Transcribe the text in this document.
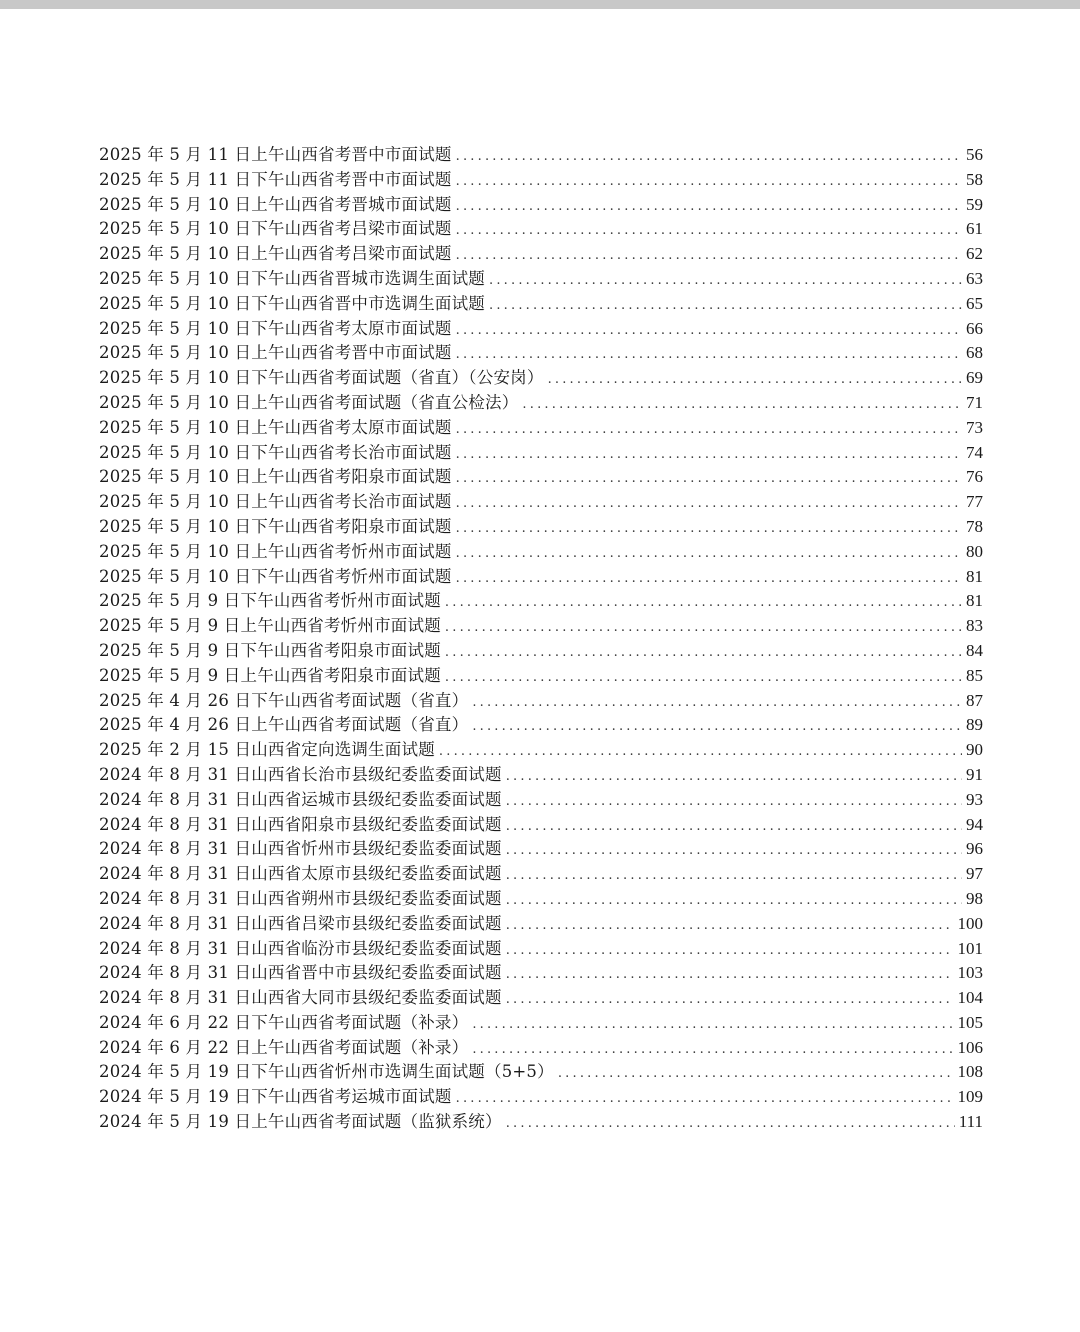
2025 年 5 月 11 日上午山西省考晋中市面试题 .....	56
2025 年 5 月 11 日下午山西省考晋中市面试题 .....	58
2025 年 5 月 10 日上午山西省考晋城市面试题 .....	59
2025 年 5 月 10 日下午山西省考吕梁市面试题 .....	61
2025 年 5 月 10 日上午山西省考吕梁市面试题 .....	62
2025 年 5 月 10 日下午山西省晋城市选调生面试题 .....	63
2025 年 5 月 10 日下午山西省晋中市选调生面试题 .....	65
2025 年 5 月 10 日下午山西省考太原市面试题 .....	66
2025 年 5 月 10 日上午山西省考晋中市面试题 .....	68
2025 年 5 月 10 日下午山西省考面试题（省直）（公安岗） .....	69
2025 年 5 月 10 日上午山西省考面试题（省直公检法） .....	71
2025 年 5 月 10 日上午山西省考太原市面试题 .....	73
2025 年 5 月 10 日下午山西省考长治市面试题 .....	74
2025 年 5 月 10 日上午山西省考阳泉市面试题 .....	76
2025 年 5 月 10 日上午山西省考长治市面试题 .....	77
2025 年 5 月 10 日下午山西省考阳泉市面试题 .....	78
2025 年 5 月 10 日上午山西省考忻州市面试题 .....	80
2025 年 5 月 10 日下午山西省考忻州市面试题 .....	81
2025 年 5 月 9 日下午山西省考忻州市面试题 .....	81
2025 年 5 月 9 日上午山西省考忻州市面试题 .....	83
2025 年 5 月 9 日下午山西省考阳泉市面试题 .....	84
2025 年 5 月 9 日上午山西省考阳泉市面试题 .....	85
2025 年 4 月 26 日下午山西省考面试题（省直） .....	87
2025 年 4 月 26 日上午山西省考面试题（省直） .....	89
2025 年 2 月 15 日山西省定向选调生面试题 .....	90
2024 年 8 月 31 日山西省长治市县级纪委监委面试题 .....	91
2024 年 8 月 31 日山西省运城市县级纪委监委面试题 .....	93
2024 年 8 月 31 日山西省阳泉市县级纪委监委面试题 .....	94
2024 年 8 月 31 日山西省忻州市县级纪委监委面试题 .....	96
2024 年 8 月 31 日山西省太原市县级纪委监委面试题 .....	97
2024 年 8 月 31 日山西省朔州市县级纪委监委面试题 .....	98
2024 年 8 月 31 日山西省吕梁市县级纪委监委面试题 .....	100
2024 年 8 月 31 日山西省临汾市县级纪委监委面试题 .....	101
2024 年 8 月 31 日山西省晋中市县级纪委监委面试题 .....	103
2024 年 8 月 31 日山西省大同市县级纪委监委面试题 .....	104
2024 年 6 月 22 日下午山西省考面试题（补录） .....	105
2024 年 6 月 22 日上午山西省考面试题（补录） .....	106
2024 年 5 月 19 日下午山西省忻州市选调生面试题（5+5） .....	108
2024 年 5 月 19 日下午山西省考运城市面试题 .....	109
2024 年 5 月 19 日上午山西省考面试题（监狱系统） .....	111
